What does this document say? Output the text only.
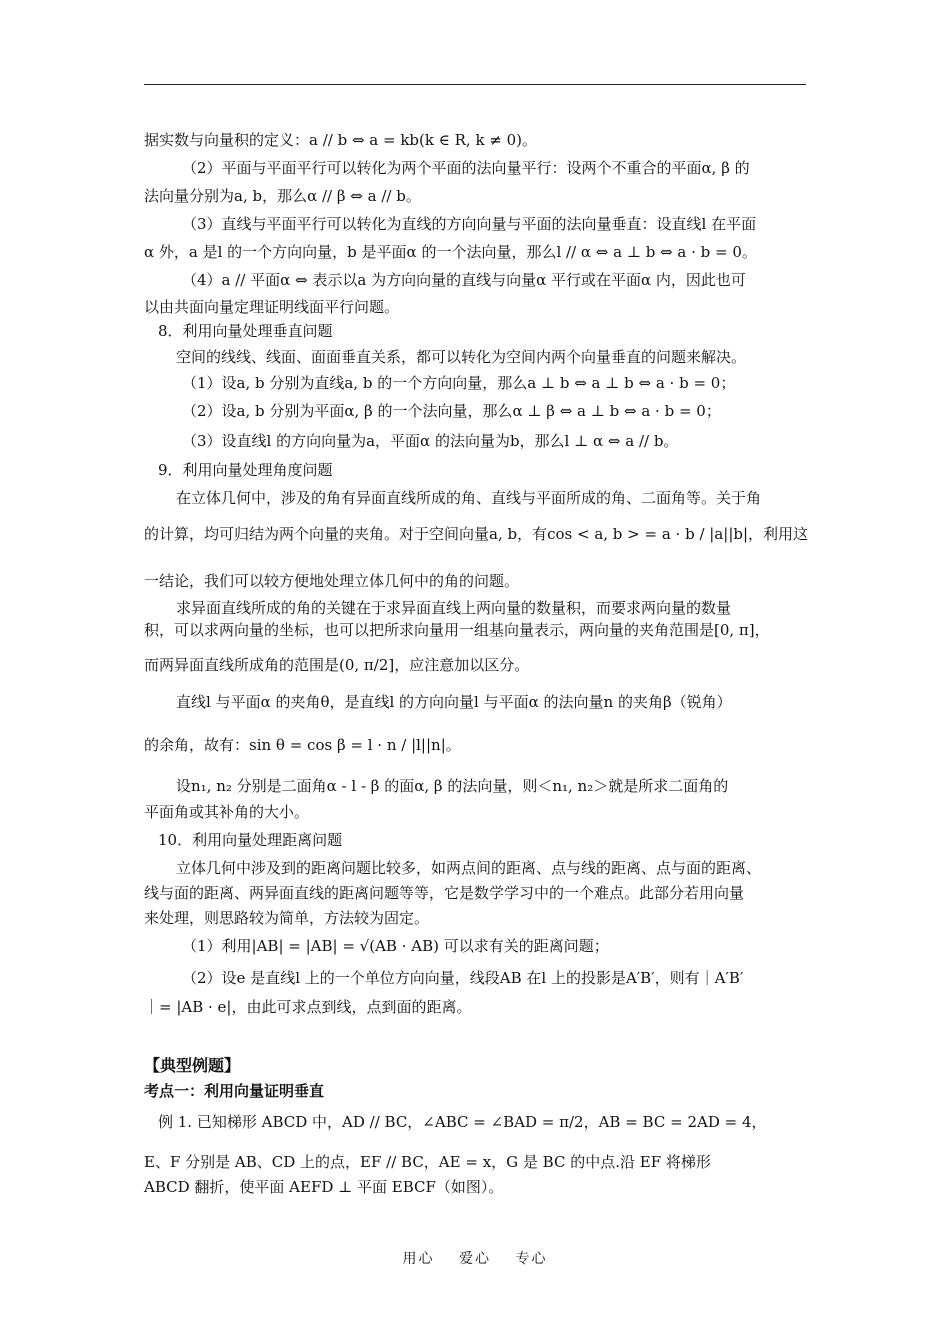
据实数与向量积的定义：a // b ⇔ a = kb(k ∈ R, k ≠ 0)。
（2）平面与平面平行可以转化为两个平面的法向量平行：设两个不重合的平面α, β 的
法向量分别为a, b，那么α // β ⇔ a // b。
（3）直线与平面平行可以转化为直线的方向向量与平面的法向量垂直：设直线l 在平面
α 外，a 是l 的一个方向向量，b 是平面α 的一个法向量，那么l // α ⇔ a ⊥ b ⇔ a · b = 0。
（4）a // 平面α ⇔ 表示以a 为方向向量的直线与向量α 平行或在平面α 内，因此也可
以由共面向量定理证明线面平行问题。
8．利用向量处理垂直问题
空间的线线、线面、面面垂直关系，都可以转化为空间内两个向量垂直的问题来解决。
（1）设a, b 分别为直线a, b 的一个方向向量，那么a ⊥ b ⇔ a ⊥ b ⇔ a · b = 0；
（2）设a, b 分别为平面α, β 的一个法向量，那么α ⊥ β ⇔ a ⊥ b ⇔ a · b = 0；
（3）设直线l 的方向向量为a，平面α 的法向量为b，那么l ⊥ α ⇔ a // b。
9．利用向量处理角度问题
在立体几何中，涉及的角有异面直线所成的角、直线与平面所成的角、二面角等。关于角
的计算，均可归结为两个向量的夹角。对于空间向量a, b，有cos < a, b > = a · b / |a||b|，利用这
一结论，我们可以较方便地处理立体几何中的角的问题。
求异面直线所成的角的关键在于求异面直线上两向量的数量积，而要求两向量的数量
积，可以求两向量的坐标，也可以把所求向量用一组基向量表示，两向量的夹角范围是[0, π]，
而两异面直线所成角的范围是(0, π/2]，应注意加以区分。
直线l 与平面α 的夹角θ，是直线l 的方向向量l 与平面α 的法向量n 的夹角β（锐角）
的余角，故有：sin θ = cos β = l · n / |l||n|。
设n₁, n₂ 分别是二面角α - l - β 的面α, β 的法向量，则＜n₁, n₂＞就是所求二面角的
平面角或其补角的大小。
10．利用向量处理距离问题
立体几何中涉及到的距离问题比较多，如两点间的距离、点与线的距离、点与面的距离、
线与面的距离、两异面直线的距离问题等等，它是数学学习中的一个难点。此部分若用向量
来处理，则思路较为简单，方法较为固定。
（1）利用|AB| = |AB| = √(AB · AB) 可以求有关的距离问题；
（2）设e 是直线l 上的一个单位方向向量，线段AB 在l 上的投影是A′B′，则有｜A′B′
｜= |AB · e|，由此可求点到线，点到面的距离。
【典型例题】
考点一：利用向量证明垂直
例 1. 已知梯形 ABCD 中，AD // BC，∠ABC = ∠BAD = π/2，AB = BC = 2AD = 4，
E、F 分别是 AB、CD 上的点，EF // BC，AE = x，G 是 BC 的中点.沿 EF 将梯形
ABCD 翻折，使平面 AEFD ⊥ 平面 EBCF（如图）。
用心 爱心 专心
